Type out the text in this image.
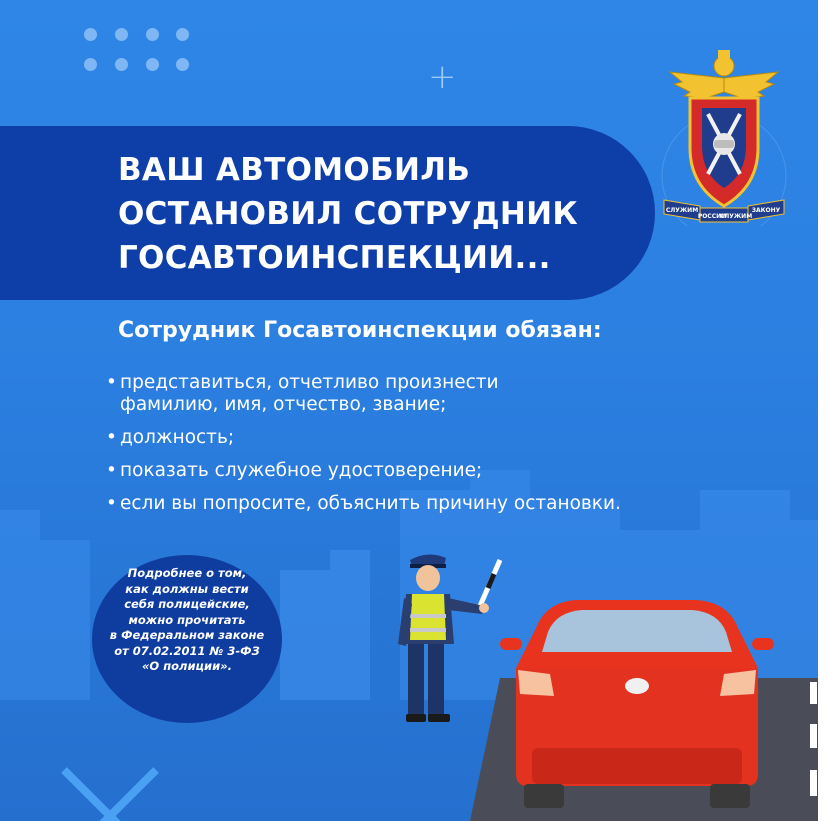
+
ВАШ АВТОМОБИЛЬ
ОСТАНОВИЛ СОТРУДНИК
ГОСАВТОИНСПЕКЦИИ...
СЛУЖИМ
РОССИИ
СЛУЖИМ
ЗАКОНУ

Сотрудник Госавтоинспекции обязан:

• представиться, отчетливо произнести
фамилию, имя, отчество, звание;
• должность;
• показать служебное удостоверение;
• если вы попросите, объяснить причину остановки.
Подробнее о том,
как должны вести
себя полицейские,
можно прочитать
в Федеральном законе
от 07.02.2011 № 3-ФЗ
«О полиции».
